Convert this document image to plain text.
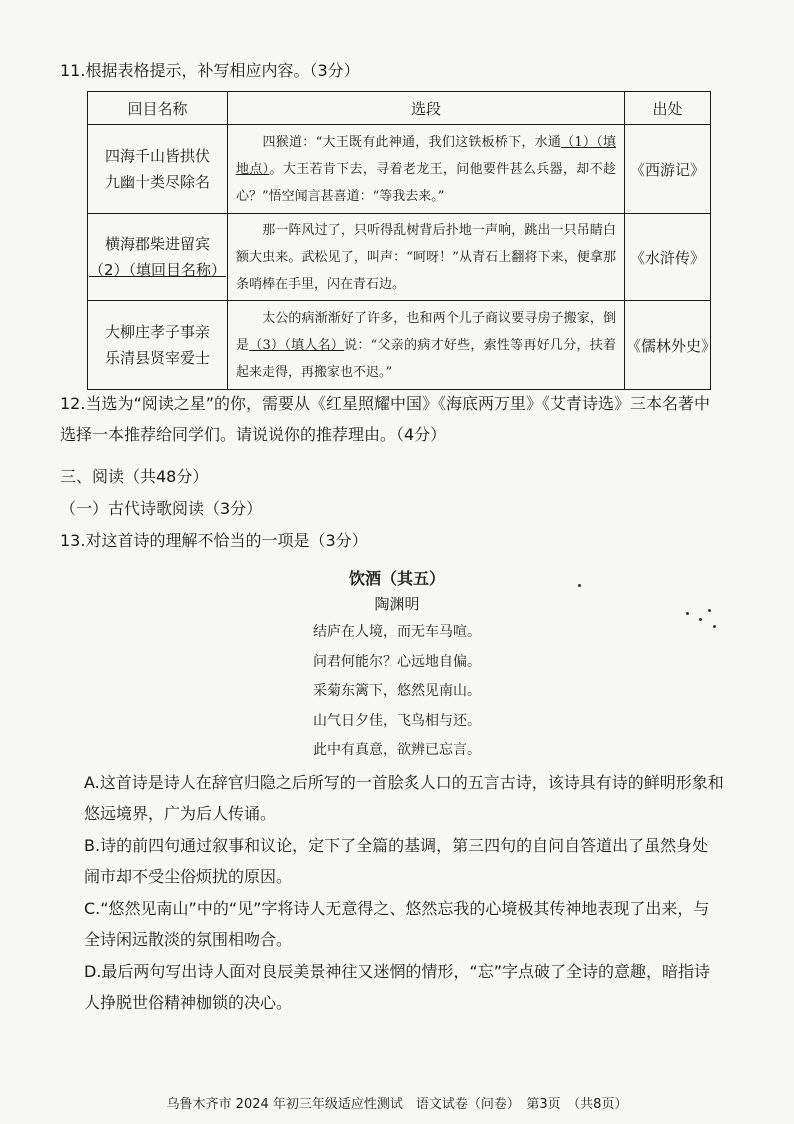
11.根据表格提示，补写相应内容。（3分）
回目名称	选段	出处

四海千山皆拱伏
九幽十类尽除名	　　四猴道：“大王既有此神通，我们这铁板桥下，水通（1）（填地点）。大王若肯下去，寻着老龙王，问他要件甚么兵器，却不趁心？”悟空闻言甚喜道：“等我去来。”	《西游记》

横海郡柴进留宾
（2）（填回目名称）	　　那一阵风过了，只听得乱树背后扑地一声响，跳出一只吊睛白额大虫来。武松见了，叫声：“呵呀！”从青石上翻将下来，便拿那条哨棒在手里，闪在青石边。	《水浒传》

大柳庄孝子事亲
乐清县贤宰爱士	　　太公的病渐渐好了许多，也和两个儿子商议要寻房子搬家，倒是（3）（填人名）说：“父亲的病才好些，索性等再好几分，扶着起来走得，再搬家也不迟。”	《儒林外史》
12.当选为“阅读之星”的你，需要从《红星照耀中国》《海底两万里》《艾青诗选》三本名著中选择一本推荐给同学们。请说说你的推荐理由。（4分）
三、阅读（共48分）
（一）古代诗歌阅读（3分）
13.对这首诗的理解不恰当的一项是（3分）
饮酒（其五）
陶渊明
结庐在人境，而无车马喧。
问君何能尔？心远地自偏。
采菊东篱下，悠然见南山。
山气日夕佳，飞鸟相与还。
此中有真意，欲辨已忘言。
A.这首诗是诗人在辞官归隐之后所写的一首脍炙人口的五言古诗，该诗具有诗的鲜明形象和悠远境界，广为后人传诵。
B.诗的前四句通过叙事和议论，定下了全篇的基调，第三四句的自问自答道出了虽然身处闹市却不受尘俗烦扰的原因。
C.“悠然见南山”中的“见”字将诗人无意得之、悠然忘我的心境极其传神地表现了出来，与全诗闲远散淡的氛围相吻合。
D.最后两句写出诗人面对良辰美景神往又迷惘的情形，“忘”字点破了全诗的意趣，暗指诗人挣脱世俗精神枷锁的决心。
乌鲁木齐市 2024 年初三年级适应性测试　语文试卷（问卷）　第3页　（共8页）
